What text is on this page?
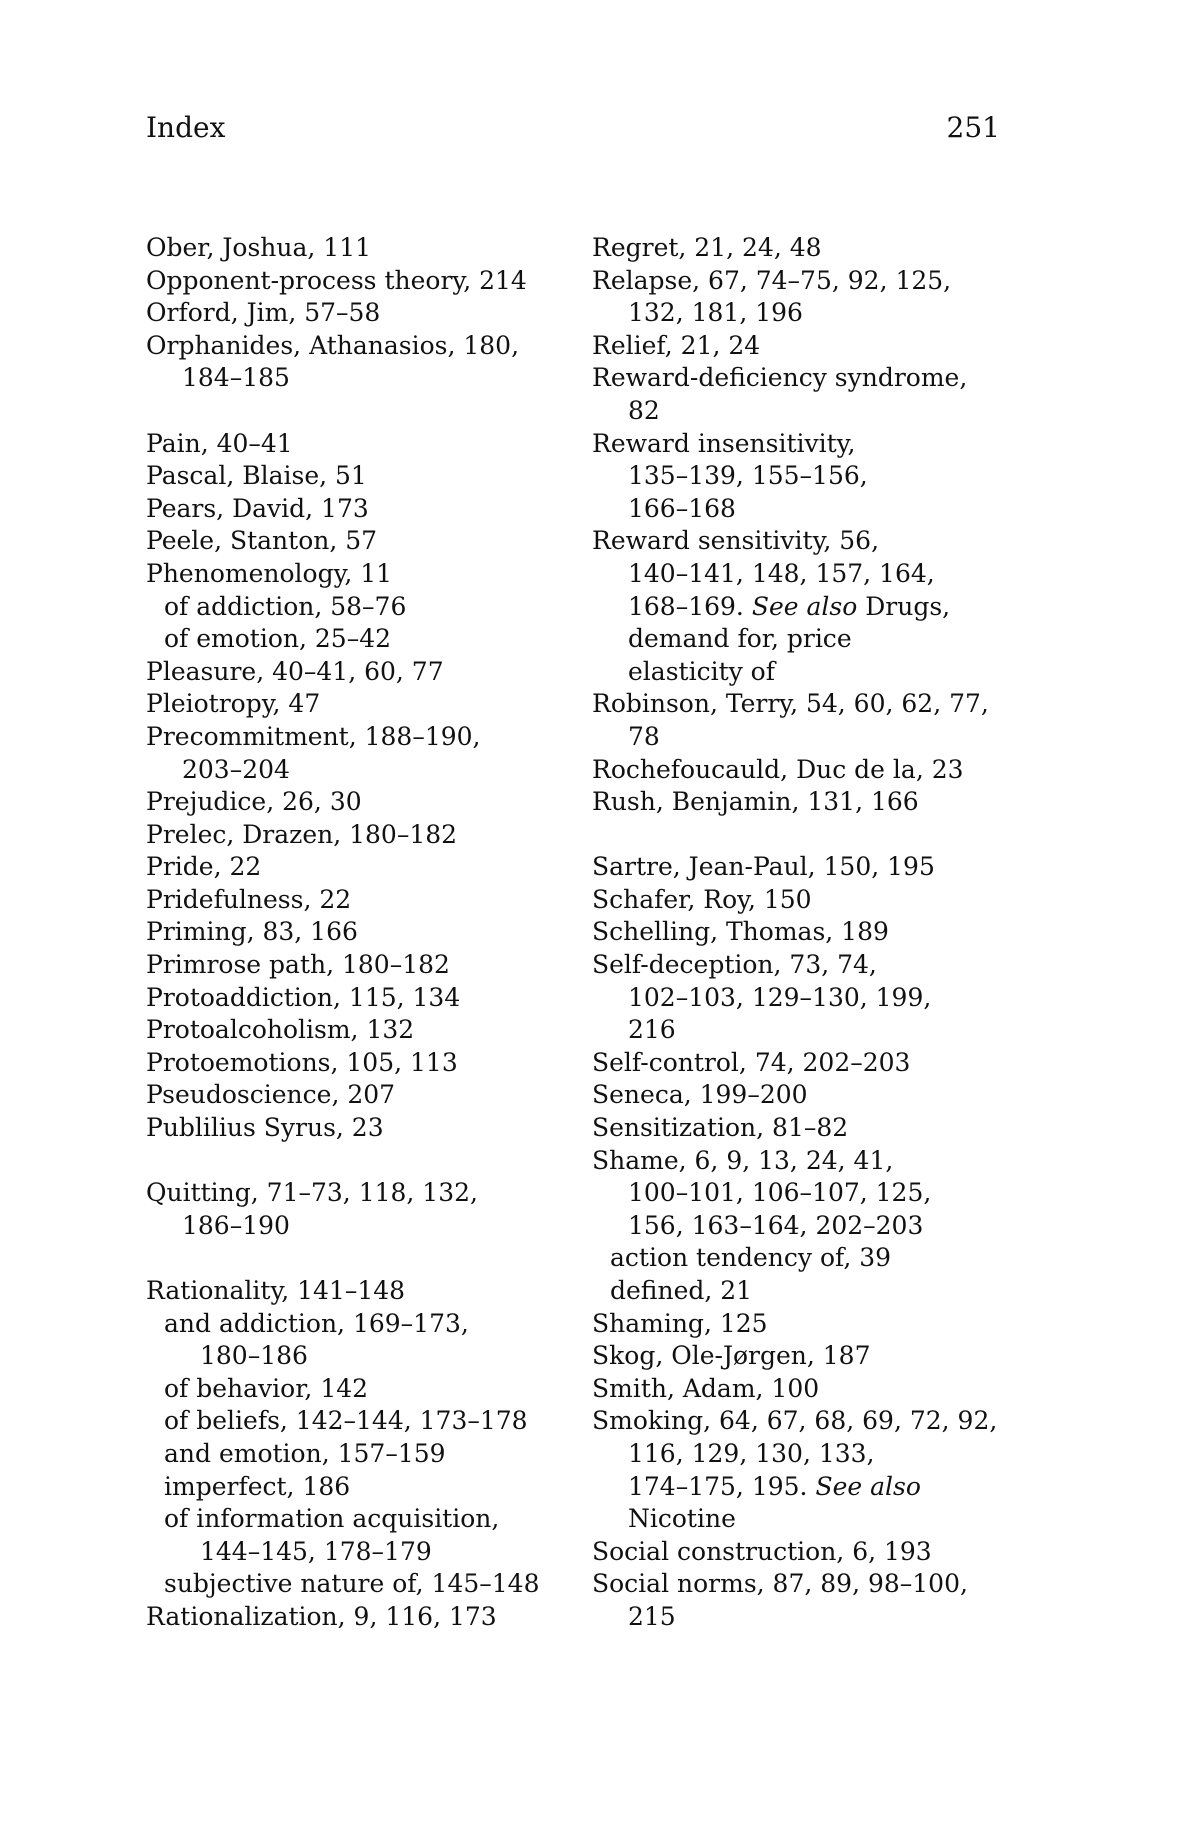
Index	251
Ober, Joshua, 111
Opponent-process theory, 214
Orford, Jim, 57–58
Orphanides, Athanasios, 180,
184–185
Pain, 40–41
Pascal, Blaise, 51
Pears, David, 173
Peele, Stanton, 57
Phenomenology, 11
of addiction, 58–76
of emotion, 25–42
Pleasure, 40–41, 60, 77
Pleiotropy, 47
Precommitment, 188–190,
203–204
Prejudice, 26, 30
Prelec, Drazen, 180–182
Pride, 22
Pridefulness, 22
Priming, 83, 166
Primrose path, 180–182
Protoaddiction, 115, 134
Protoalcoholism, 132
Protoemotions, 105, 113
Pseudoscience, 207
Publilius Syrus, 23
Quitting, 71–73, 118, 132,
186–190
Rationality, 141–148
and addiction, 169–173,
180–186
of behavior, 142
of beliefs, 142–144, 173–178
and emotion, 157–159
imperfect, 186
of information acquisition,
144–145, 178–179
subjective nature of, 145–148
Rationalization, 9, 116, 173
Regret, 21, 24, 48
Relapse, 67, 74–75, 92, 125,
132, 181, 196
Relief, 21, 24
Reward-deficiency syndrome,
82
Reward insensitivity,
135–139, 155–156,
166–168
Reward sensitivity, 56,
140–141, 148, 157, 164,
168–169. See also Drugs,
demand for, price
elasticity of
Robinson, Terry, 54, 60, 62, 77,
78
Rochefoucauld, Duc de la, 23
Rush, Benjamin, 131, 166
Sartre, Jean-Paul, 150, 195
Schafer, Roy, 150
Schelling, Thomas, 189
Self-deception, 73, 74,
102–103, 129–130, 199,
216
Self-control, 74, 202–203
Seneca, 199–200
Sensitization, 81–82
Shame, 6, 9, 13, 24, 41,
100–101, 106–107, 125,
156, 163–164, 202–203
action tendency of, 39
defined, 21
Shaming, 125
Skog, Ole-Jørgen, 187
Smith, Adam, 100
Smoking, 64, 67, 68, 69, 72, 92,
116, 129, 130, 133,
174–175, 195. See also
Nicotine
Social construction, 6, 193
Social norms, 87, 89, 98–100,
215
